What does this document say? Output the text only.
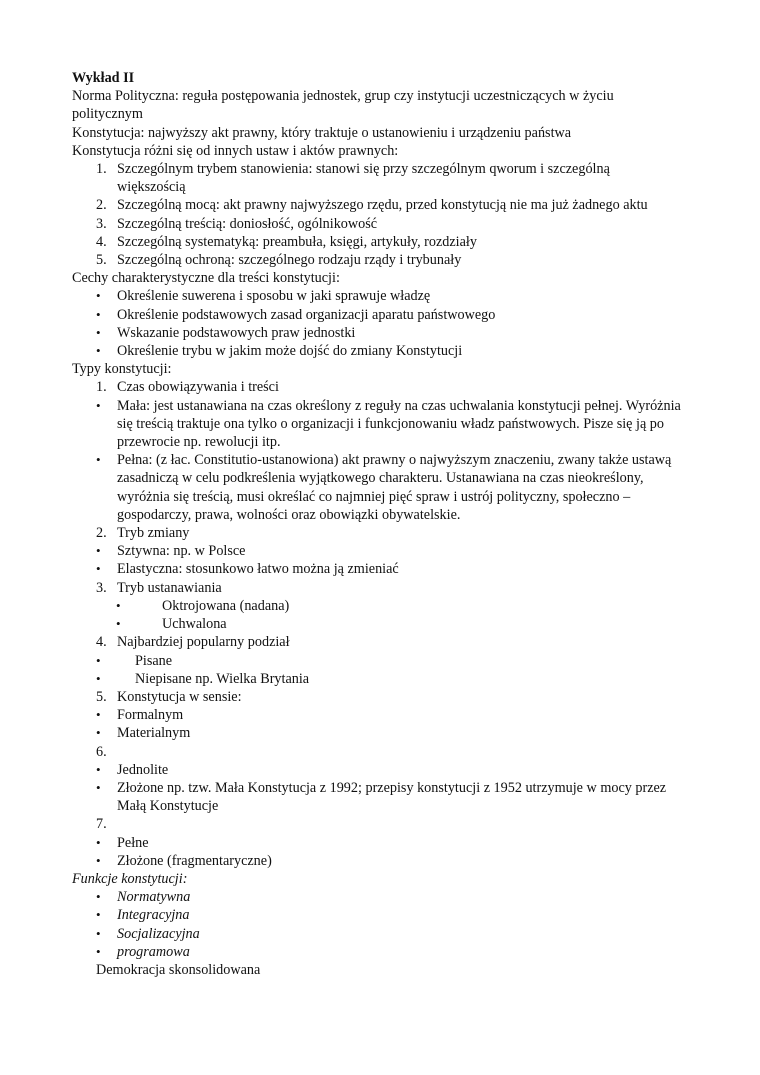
Wykład II
Norma Polityczna: reguła postępowania jednostek, grup czy instytucji uczestniczących w życiu politycznym
Konstytucja: najwyższy akt prawny, który traktuje o ustanowieniu i urządzeniu państwa
Konstytucja różni się od innych ustaw i aktów prawnych:
1. Szczególnym trybem stanowienia: stanowi się przy szczególnym qworum i szczególną większością
2. Szczególną mocą: akt prawny najwyższego rzędu, przed konstytucją nie ma już żadnego aktu
3. Szczególną treścią: doniosłość, ogólnikowość
4. Szczególną systematyką: preambuła, księgi, artykuły, rozdziały
5. Szczególną ochroną: szczególnego rodzaju rządy i trybunały
Cechy charakterystyczne dla treści konstytucji:
• Określenie suwerena i sposobu w jaki sprawuje władzę
• Określenie podstawowych zasad organizacji aparatu państwowego
• Wskazanie podstawowych praw jednostki
• Określenie trybu w jakim może dojść do zmiany Konstytucji
Typy konstytucji:
1. Czas obowiązywania i treści
• Mała: jest ustanawiana na czas określony z reguły na czas uchwalania konstytucji pełnej. Wyróżnia się treścią traktuje ona tylko o organizacji i funkcjonowaniu władz państwowych. Pisze się ją po przewrocie np. rewolucji itp.
• Pełna: (z łac. Constitutio-ustanowiona) akt prawny o najwyższym znaczeniu, zwany także ustawą zasadniczą w celu podkreślenia wyjątkowego charakteru. Ustanawiana na czas nieokreślony, wyróżnia się treścią, musi określać co najmniej pięć spraw i ustrój polityczny, społeczno – gospodarczy, prawa, wolności oraz obowiązki obywatelskie.
2. Tryb zmiany
• Sztywna: np. w Polsce
• Elastyczna: stosunkowo łatwo można ją zmieniać
3. Tryb ustanawiania
•	Oktrojowana (nadana)
•	Uchwalona
4. Najbardziej popularny podział
• Pisane
• Niepisane np. Wielka Brytania
5. Konstytucja w sensie:
• Formalnym
• Materialnym
6.
• Jednolite
• Złożone np. tzw. Mała Konstytucja z 1992; przepisy konstytucji z 1952 utrzymuje w mocy przez Małą Konstytucje
7.
• Pełne
• Złożone (fragmentaryczne)
Funkcje konstytucji:
• Normatywna
• Integracyjna
• Socjalizacyjna
• programowa
Demokracja skonsolidowana
